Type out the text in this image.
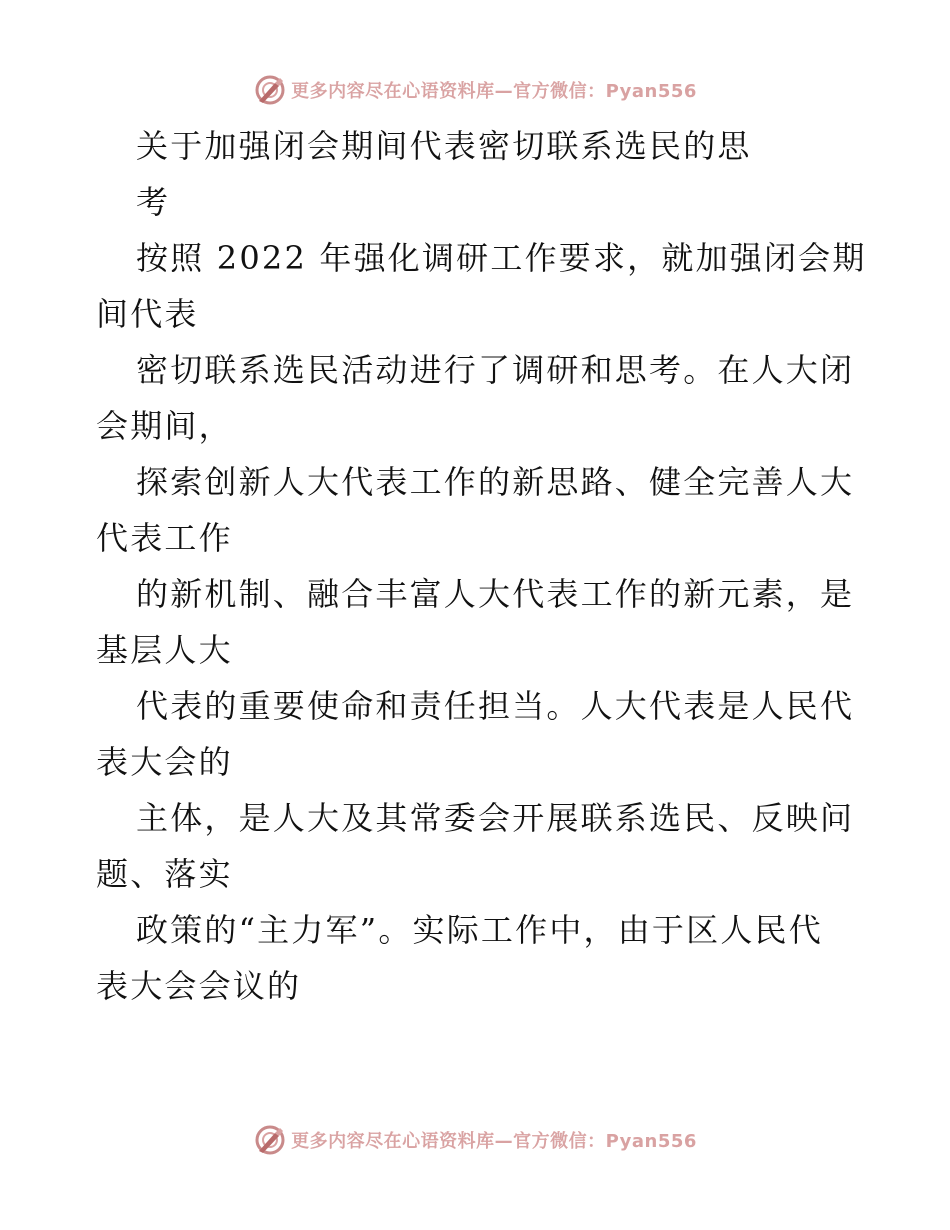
更多内容尽在心语资料库—官方微信：Pyan556
关于加强闭会期间代表密切联系选民的思
考
按照 2022 年强化调研工作要求，就加强闭会期
间代表
密切联系选民活动进行了调研和思考。在人大闭
会期间，
探索创新人大代表工作的新思路、健全完善人大
代表工作
的新机制、融合丰富人大代表工作的新元素，是
基层人大
代表的重要使命和责任担当。人大代表是人民代
表大会的
主体，是人大及其常委会开展联系选民、反映问
题、落实
政策的“主力军”。实际工作中，由于区人民代
表大会会议的
更多内容尽在心语资料库—官方微信：Pyan556
